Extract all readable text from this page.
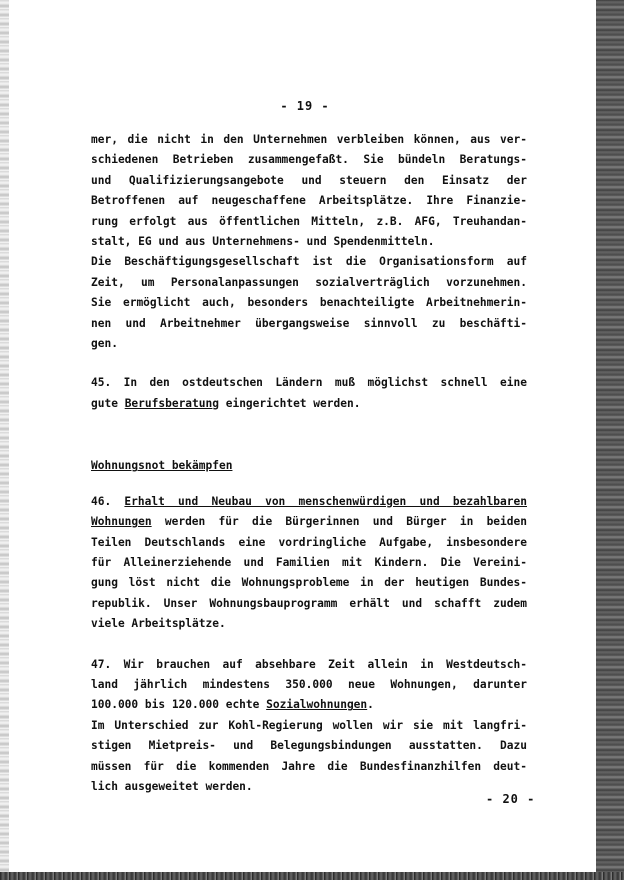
- 19 -

mer, die nicht in den Unternehmen verbleiben können, aus ver-
schiedenen Betrieben zusammengefaßt. Sie bündeln Beratungs-
und Qualifizierungsangebote und steuern den Einsatz der
Betroffenen auf neugeschaffene Arbeitsplätze. Ihre Finanzie-
rung erfolgt aus öffentlichen Mitteln, z.B. AFG, Treuhandan-
stalt, EG und aus Unternehmens- und Spendenmitteln.
Die Beschäftigungsgesellschaft ist die Organisationsform auf
Zeit, um Personalanpassungen sozialverträglich vorzunehmen.
Sie ermöglicht auch, besonders benachteiligte Arbeitnehmerin-
nen und Arbeitnehmer übergangsweise sinnvoll zu beschäfti-
gen.

45. In den ostdeutschen Ländern muß möglichst schnell eine
gute Berufsberatung eingerichtet werden.

Wohnungsnot bekämpfen

46. Erhalt und Neubau von menschenwürdigen und bezahlbaren
Wohnungen werden für die Bürgerinnen und Bürger in beiden
Teilen Deutschlands eine vordringliche Aufgabe, insbesondere
für Alleinerziehende und Familien mit Kindern. Die Vereini-
gung löst nicht die Wohnungsprobleme in der heutigen Bundes-
republik. Unser Wohnungsbauprogramm erhält und schafft zudem
viele Arbeitsplätze.

47. Wir brauchen auf absehbare Zeit allein in Westdeutsch-
land jährlich mindestens 350.000 neue Wohnungen, darunter
100.000 bis 120.000 echte Sozialwohnungen.
Im Unterschied zur Kohl-Regierung wollen wir sie mit langfri-
stigen Mietpreis- und Belegungsbindungen ausstatten. Dazu
müssen für die kommenden Jahre die Bundesfinanzhilfen deut-
lich ausgeweitet werden.

- 20 -
